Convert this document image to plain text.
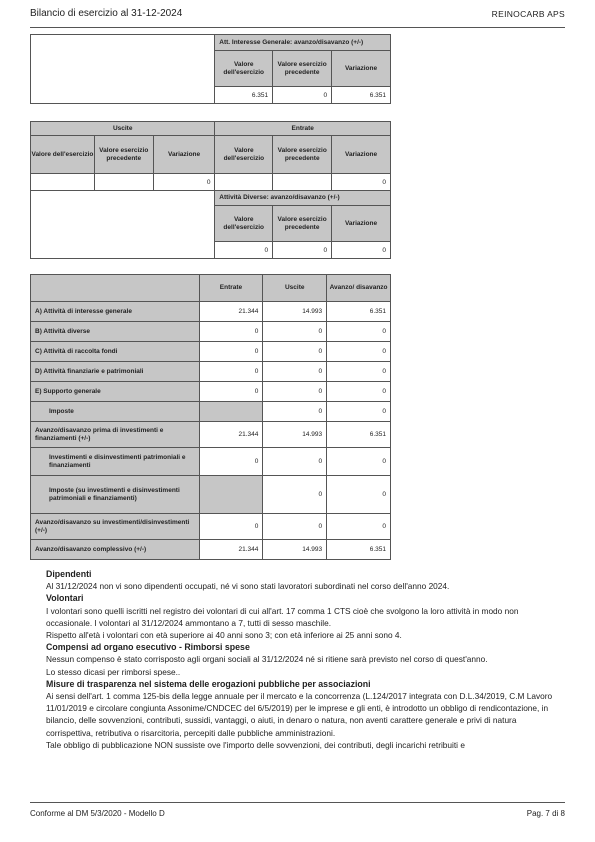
Bilancio di esercizio al 31-12-2024	REINOCARB APS
	Att. Interesse Generale: avanzo/disavanzo (+/-)		
	Valore dell'esercizio	Valore esercizio precedente	Variazione
	6.351	0	6.351
Uscite			Entrate		
Valore dell'esercizio	Valore esercizio precedente	Variazione	Valore dell'esercizio	Valore esercizio precedente	Variazione
		0			0
	Attività Diverse: avanzo/disavanzo (+/-)		
	Valore dell'esercizio	Valore esercizio precedente	Variazione
	0	0	0
	Entrate	Uscite	Avanzo/ disavanzo
A) Attività di interesse generale	21.344	14.993	6.351
B) Attività diverse	0	0	0
C) Attività di raccolta fondi	0	0	0
D) Attività finanziarie e patrimoniali	0	0	0
E) Supporto generale	0	0	0
Imposte		0	0
Avanzo/disavanzo prima di investimenti e finanziamenti (+/-)	21.344	14.993	6.351
Investimenti e disinvestimenti patrimoniali e finanziamenti	0	0	0
Imposte (su investimenti e disinvestimenti patrimoniali e finanziamenti)		0	0
Avanzo/disavanzo su investimenti/disinvestimenti (+/-)	0	0	0
Avanzo/disavanzo complessivo (+/-)	21.344	14.993	6.351

Dipendenti

Al 31/12/2024 non vi sono dipendenti occupati, né vi sono stati lavoratori subordinati nel corso dell'anno 2024.

Volontari

I volontari sono quelli iscritti nel registro dei volontari di cui all'art. 17 comma 1 CTS cioè che svolgono la loro attività in modo non occasionale. I volontari al 31/12/2024 ammontano a 7, tutti di sesso maschile.

Rispetto all'età i volontari con età superiore ai 40 anni sono 3; con età inferiore ai 25 anni sono 4.

Compensi ad organo esecutivo - Rimborsi spese

Nessun compenso è stato corrisposto agli organi sociali al 31/12/2024 né si ritiene sarà previsto nel corso di quest'anno.

Lo stesso dicasi per rimborsi spese..

Misure di trasparenza nel sistema delle erogazioni pubbliche per associazioni

Ai sensi dell'art. 1 comma 125-bis della legge annuale per il mercato e la concorrenza (L.124/2017 integrata con D.L.34/2019, C.M Lavoro 11/01/2019 e circolare congiunta Assonime/CNDCEC del 6/5/2019) per le imprese e gli enti, è introdotto un obbligo di rendicontazione, in bilancio, delle sovvenzioni, contributi, sussidi, vantaggi, o aiuti, in denaro o natura, non aventi carattere generale e privi di natura corrispettiva, retributiva o risarcitoria, percepiti dalle pubbliche amministrazioni.

Tale obbligo di pubblicazione NON sussiste ove l'importo delle sovvenzioni, dei contributi, degli incarichi retribuiti e

Conforme al DM 5/3/2020 - Modello D	Pag. 7 di 8
